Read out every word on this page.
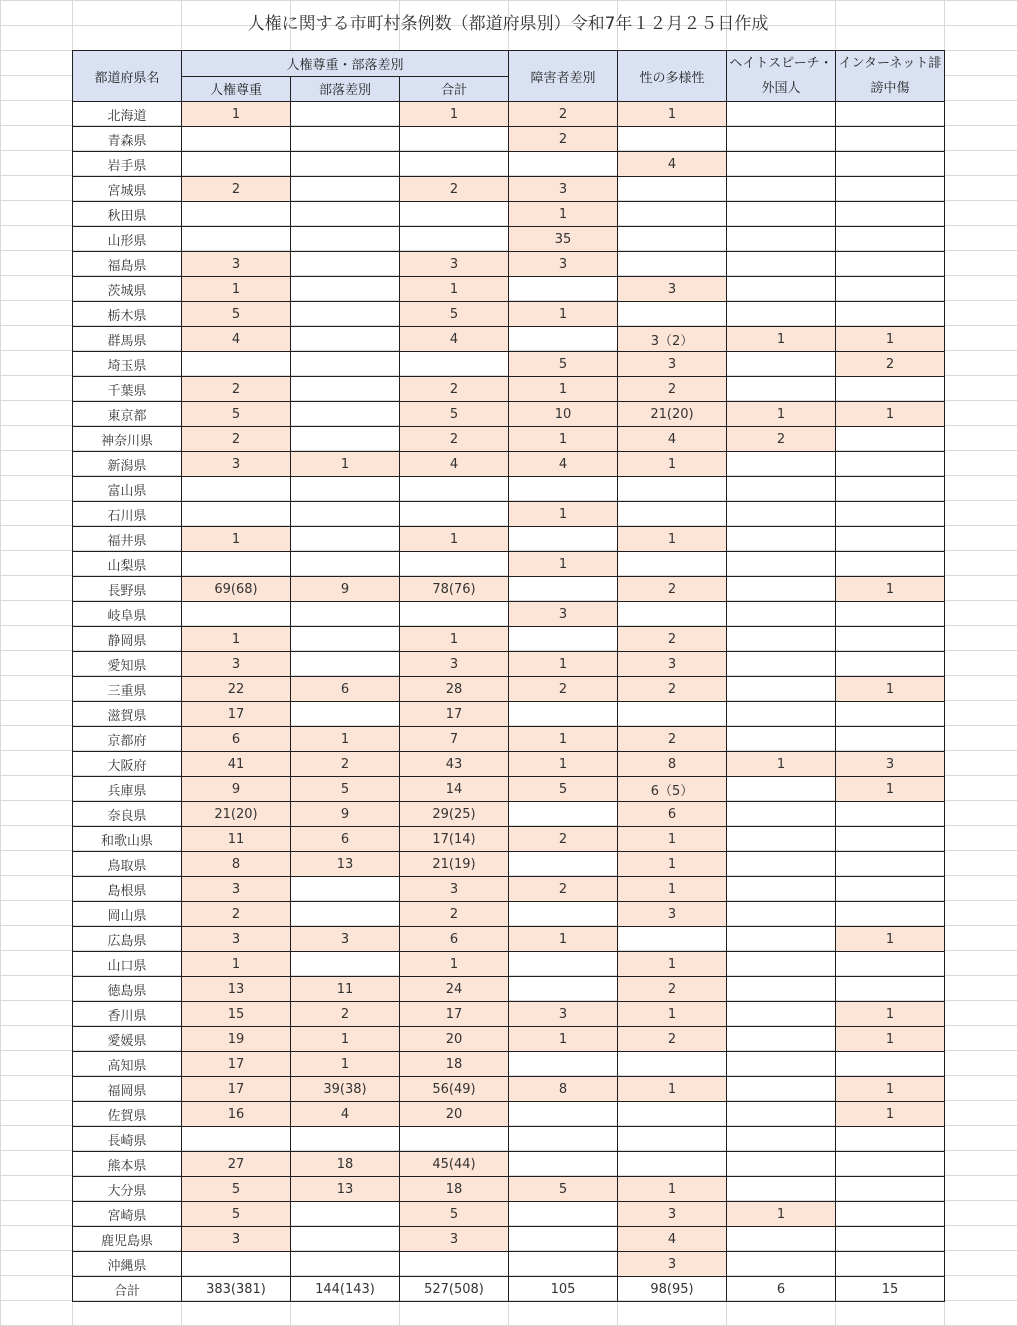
人権に関する市町村条例数（都道府県別）令和7年１２月２５日作成
都道府県名	人権尊重・部落差別			障害者差別	性の多様性	ヘイトスピーチ・外国人	インターネット誹謗中傷
	人権尊重	部落差別	合計				
北海道	1		1	2	1		
青森県				2			
岩手県					4		
宮城県	2		2	3			
秋田県				1			
山形県				35			
福島県	3		3	3			
茨城県	1		1		3		
栃木県	5		5	1			
群馬県	4		4		3（2）	1	1
埼玉県				5	3		2
千葉県	2		2	1	2		
東京都	5		5	10	21(20)	1	1
神奈川県	2		2	1	4	2	
新潟県	3	1	4	4	1		
富山県							
石川県				1			
福井県	1		1		1		
山梨県				1			
長野県	69(68)	9	78(76)		2		1
岐阜県				3			
静岡県	1		1		2		
愛知県	3		3	1	3		
三重県	22	6	28	2	2		1
滋賀県	17		17				
京都府	6	1	7	1	2		
大阪府	41	2	43	1	8	1	3
兵庫県	9	5	14	5	6（5）		1
奈良県	21(20)	9	29(25)		6		
和歌山県	11	6	17(14)	2	1		
鳥取県	8	13	21(19)		1		
島根県	3		3	2	1		
岡山県	2		2		3		
広島県	3	3	6	1			1
山口県	1		1		1		
徳島県	13	11	24		2		
香川県	15	2	17	3	1		1
愛媛県	19	1	20	1	2		1
高知県	17	1	18				
福岡県	17	39(38)	56(49)	8	1		1
佐賀県	16	4	20				1
長崎県							
熊本県	27	18	45(44)				
大分県	5	13	18	5	1		
宮崎県	5		5		3	1	
鹿児島県	3		3		4		
沖縄県					3		
合計	383(381)	144(143)	527(508)	105	98(95)	6	15
